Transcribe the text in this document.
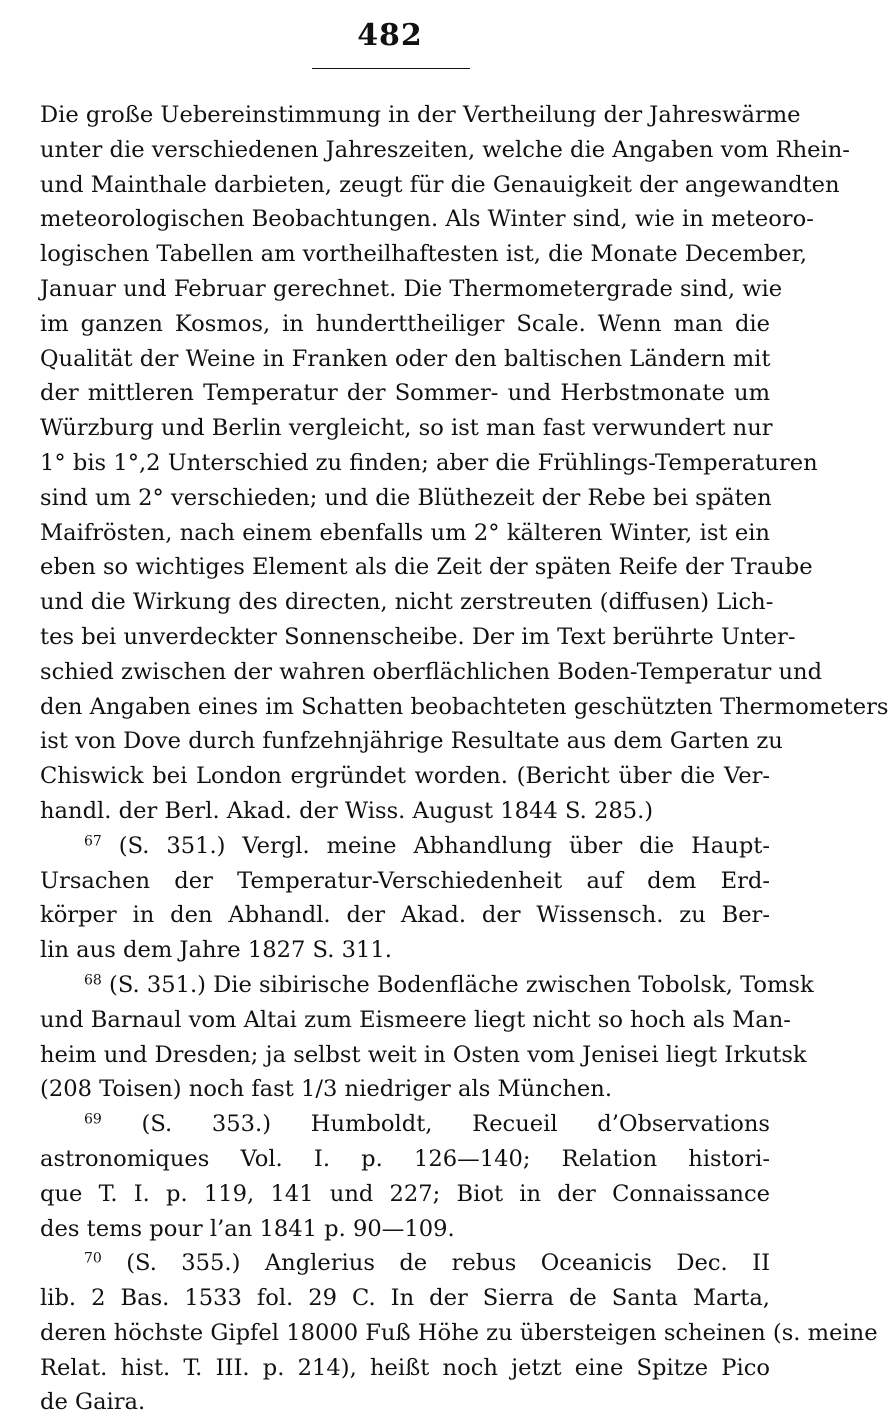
482
Die große Uebereinstimmung in der Vertheilung der Jahreswärme
unter die verschiedenen Jahreszeiten, welche die Angaben vom Rhein-
und Mainthale darbieten, zeugt für die Genauigkeit der angewandten
meteorologischen Beobachtungen. Als Winter sind, wie in meteoro-
logischen Tabellen am vortheilhaftesten ist, die Monate December,
Januar und Februar gerechnet. Die Thermometergrade sind, wie
im ganzen Kosmos, in hunderttheiliger Scale. Wenn man die
Qualität der Weine in Franken oder den baltischen Ländern mit
der mittleren Temperatur der Sommer- und Herbstmonate um
Würzburg und Berlin vergleicht, so ist man fast verwundert nur
1° bis 1°,2 Unterschied zu finden; aber die Frühlings-Temperaturen
sind um 2° verschieden; und die Blüthezeit der Rebe bei späten
Maifrösten, nach einem ebenfalls um 2° kälteren Winter, ist ein
eben so wichtiges Element als die Zeit der späten Reife der Traube
und die Wirkung des directen, nicht zerstreuten (diffusen) Lich-
tes bei unverdeckter Sonnenscheibe. Der im Text berührte Unter-
schied zwischen der wahren oberflächlichen Boden-Temperatur und
den Angaben eines im Schatten beobachteten geschützten Thermometers
ist von Dove durch funfzehnjährige Resultate aus dem Garten zu
Chiswick bei London ergründet worden. (Bericht über die Ver-
handl. der Berl. Akad. der Wiss. August 1844 S. 285.)
$^{67}$ (S. 351.) Vergl. meine Abhandlung über die Haupt-
Ursachen der Temperatur-Verschiedenheit auf dem Erd-
körper in den Abhandl. der Akad. der Wissensch. zu Ber-
lin aus dem Jahre 1827 S. 311.
$^{68}$ (S. 351.) Die sibirische Bodenfläche zwischen Tobolsk, Tomsk
und Barnaul vom Altai zum Eismeere liegt nicht so hoch als Man-
heim und Dresden; ja selbst weit in Osten vom Jenisei liegt Irkutsk
(208 Toisen) noch fast 1/3 niedriger als München.
$^{69}$ (S. 353.) Humboldt, Recueil d’Observations
astronomiques Vol. I. p. 126—140; Relation histori-
que T. I. p. 119, 141 und 227; Biot in der Connaissance
des tems pour l’an 1841 p. 90—109.
$^{70}$ (S. 355.) Anglerius de rebus Oceanicis Dec. II
lib. 2 Bas. 1533 fol. 29 C. In der Sierra de Santa Marta,
deren höchste Gipfel 18000 Fuß Höhe zu übersteigen scheinen (s. meine
Relat. hist. T. III. p. 214), heißt noch jetzt eine Spitze Pico
de Gaira.
